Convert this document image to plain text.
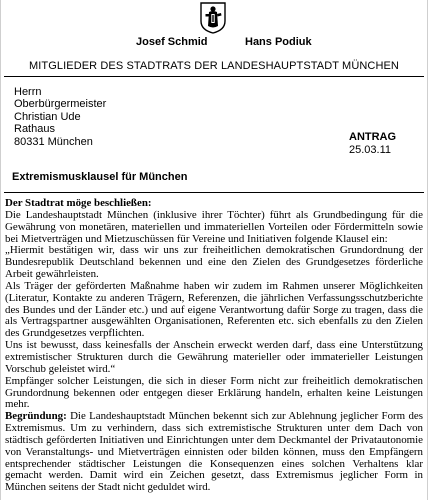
Josef Schmid	Hans Podiuk
MITGLIEDER DES STADTRATS DER LANDESHAUPTSTADT MÜNCHEN
Herrn
Oberbürgermeister
Christian Ude
Rathaus
80331 München	ANTRAG
25.03.11
Extremismusklausel für München

Der Stadtrat möge beschließen:

Die Landeshauptstadt München (inklusive ihrer Töchter) führt als Grundbedingung für die Gewährung von monetären, materiellen und immateriellen Vorteilen oder Fördermitteln sowie bei Mietverträgen und Mietzuschüssen für Vereine und Initiativen folgende Klausel ein:

„Hiermit bestätigen wir, dass wir uns zur freiheitlichen demokratischen Grundordnung der Bundesrepublik Deutschland bekennen und eine den Zielen des Grundgesetzes förderliche Arbeit gewährleisten.

Als Träger der geförderten Maßnahme haben wir zudem im Rahmen unserer Möglichkeiten (Literatur, Kontakte zu anderen Trägern, Referenzen, die jährlichen Verfassungsschutzberichte des Bundes und der Länder etc.) und auf eigene Verantwortung dafür Sorge zu tragen, dass die als Vertragspartner ausgewählten Organisationen, Referenten etc. sich ebenfalls zu den Zielen des Grundgesetzes verpflichten.

Uns ist bewusst, dass keinesfalls der Anschein erweckt werden darf, dass eine Unterstützung extremistischer Strukturen durch die Gewährung materieller oder immaterieller Leistungen Vorschub geleistet wird.“

Empfänger solcher Leistungen, die sich in dieser Form nicht zur freiheitlich demokratischen Grundordnung bekennen oder entgegen dieser Erklärung handeln, erhalten keine Leistungen mehr.

Begründung: Die Landeshauptstadt München bekennt sich zur Ablehnung jeglicher Form des Extremismus. Um zu verhindern, dass sich extremistische Strukturen unter dem Dach von städtisch geförderten Initiativen und Einrichtungen unter dem Deckmantel der Privatautonomie von Veranstaltungs- und Mietverträgen einnisten oder bilden können, muss den Empfängern entsprechender städtischer Leistungen die Konsequenzen eines solchen Verhaltens klar gemacht werden. Damit wird ein Zeichen gesetzt, dass Extremismus jeglicher Form in München seitens der Stadt nicht geduldet wird.
